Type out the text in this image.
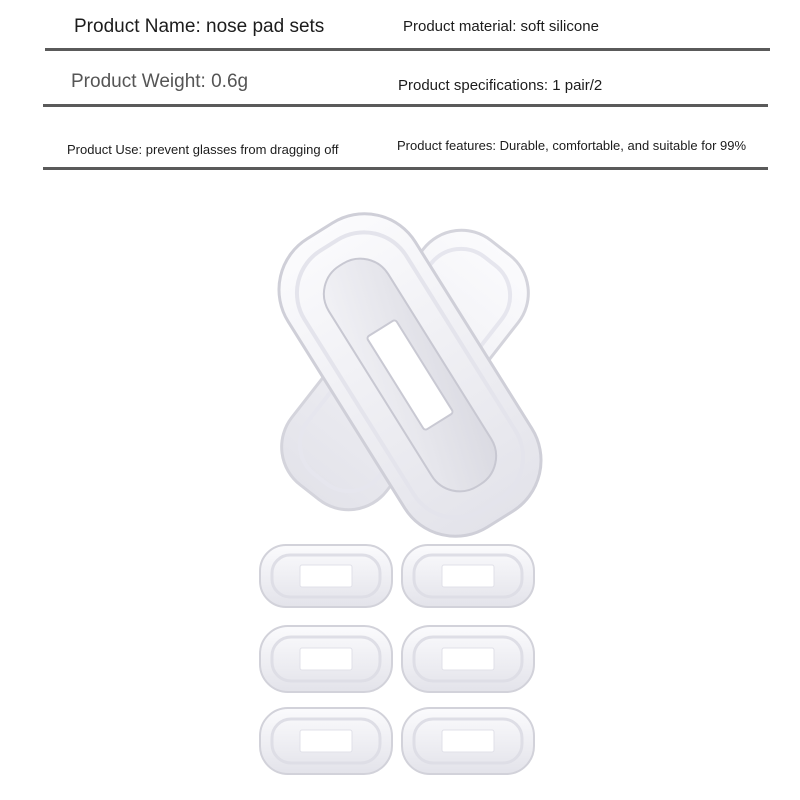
Product Name: nose pad sets	Product material: soft silicone
Product Weight: 0.6g	Product specifications: 1 pair/2
Product Use: prevent glasses from dragging off	Product features: Durable, comfortable, and suitable for 99%
